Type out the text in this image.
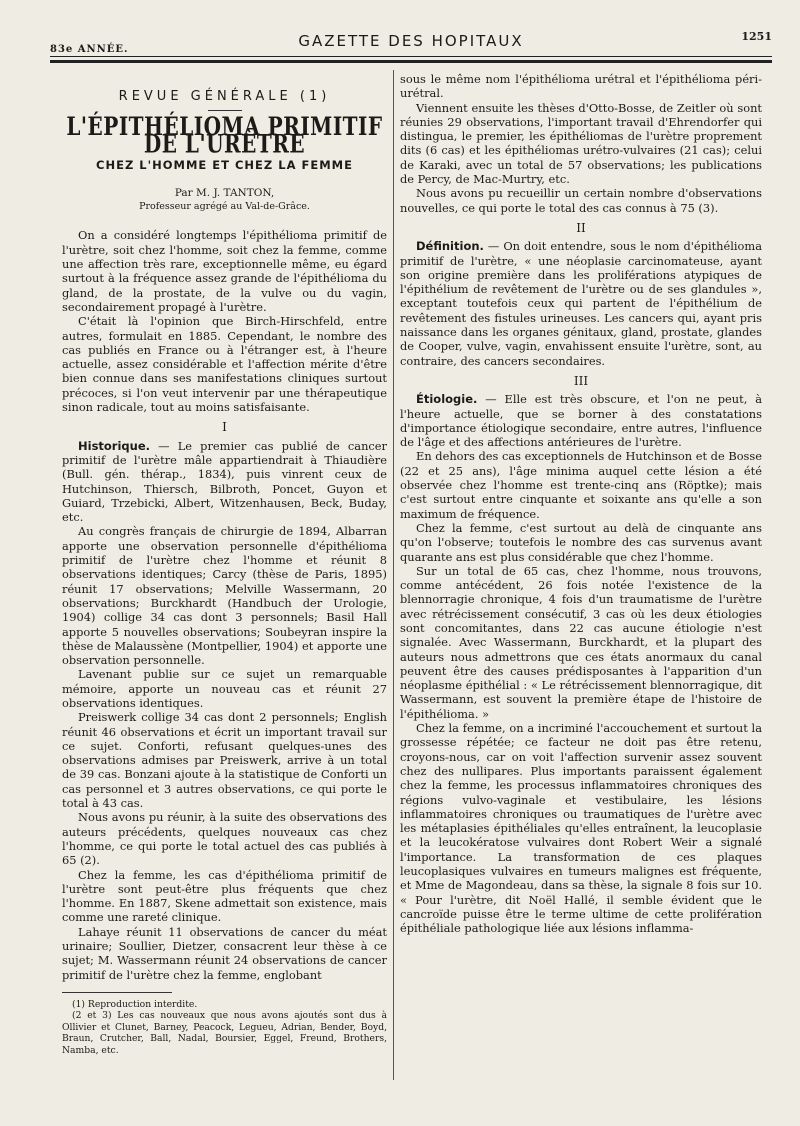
83e ANNÉE.	GAZETTE DES HOPITAUX	1251
REVUE GÉNÉRALE (1)
L'ÉPITHÉLIOMA PRIMITIF DE L'URÈTRE
CHEZ L'HOMME ET CHEZ LA FEMME
Par M. J. TANTON,
Professeur agrégé au Val-de-Grâce.

On a considéré longtemps l'épithélioma primitif de l'urètre, soit chez l'homme, soit chez la femme, comme une affection très rare, exceptionnelle même, eu égard surtout à la fréquence assez grande de l'épithélioma du gland, de la prostate, de la vulve ou du vagin, secondairement propagé à l'urètre.

C'était là l'opinion que Birch-Hirschfeld, entre autres, formulait en 1885. Cependant, le nombre des cas publiés en France ou à l'étranger est, à l'heure actuelle, assez considérable et l'affection mérite d'être bien connue dans ses manifestations cliniques surtout précoces, si l'on veut intervenir par une thérapeutique sinon radicale, tout au moins satisfaisante.

I

Historique. — Le premier cas publié de cancer primitif de l'urètre mâle appartiendrait à Thiaudière (Bull. gén. thérap., 1834), puis vinrent ceux de Hutchinson, Thiersch, Bilbroth, Poncet, Guyon et Guiard, Trzebicki, Albert, Witzenhausen, Beck, Buday, etc.

Au congrès français de chirurgie de 1894, Albarran apporte une observation personnelle d'épithélioma primitif de l'urètre chez l'homme et réunit 8 observations identiques; Carcy (thèse de Paris, 1895) réunit 17 observations; Melville Wassermann, 20 observations; Burckhardt (Handbuch der Urologie, 1904) collige 34 cas dont 3 personnels; Basil Hall apporte 5 nouvelles observations; Soubeyran inspire la thèse de Malaussène (Montpellier, 1904) et apporte une observation personnelle.

Lavenant publie sur ce sujet un remarquable mémoire, apporte un nouveau cas et réunit 27 observations identiques.

Preiswerk collige 34 cas dont 2 personnels; English réunit 46 observations et écrit un important travail sur ce sujet. Conforti, refusant quelques-unes des observations admises par Preiswerk, arrive à un total de 39 cas. Bonzani ajoute à la statistique de Conforti un cas personnel et 3 autres observations, ce qui porte le total à 43 cas.

Nous avons pu réunir, à la suite des observations des auteurs précédents, quelques nouveaux cas chez l'homme, ce qui porte le total actuel des cas publiés à 65 (2).

Chez la femme, les cas d'épithélioma primitif de l'urètre sont peut-être plus fréquents que chez l'homme. En 1887, Skene admettait son existence, mais comme une rareté clinique.

Lahaye réunit 11 observations de cancer du méat urinaire; Soullier, Dietzer, consacrent leur thèse à ce sujet; M. Wassermann réunit 24 observations de cancer primitif de l'urètre chez la femme, englobant

(1) Reproduction interdite.

(2 et 3) Les cas nouveaux que nous avons ajoutés sont dus à Ollivier et Clunet, Barney, Peacock, Legueu, Adrian, Bender, Boyd, Braun, Crutcher, Ball, Nadal, Boursier, Eggel, Freund, Brothers, Namba, etc.

sous le même nom l'épithélioma urétral et l'épithélioma péri-urétral.

Viennent ensuite les thèses d'Otto-Bosse, de Zeitler où sont réunies 29 observations, l'important travail d'Ehrendorfer qui distingua, le premier, les épithéliomas de l'urètre proprement dits (6 cas) et les épithéliomas urétro-vulvaires (21 cas); celui de Karaki, avec un total de 57 observations; les publications de Percy, de Mac-Murtry, etc.

Nous avons pu recueillir un certain nombre d'observations nouvelles, ce qui porte le total des cas connus à 75 (3).

II

Définition. — On doit entendre, sous le nom d'épithélioma primitif de l'urètre, « une néoplasie carcinomateuse, ayant son origine première dans les proliférations atypiques de l'épithélium de revêtement de l'urètre ou de ses glandules », exceptant toutefois ceux qui partent de l'épithélium de revêtement des fistules urineuses. Les cancers qui, ayant pris naissance dans les organes génitaux, gland, prostate, glandes de Cooper, vulve, vagin, envahissent ensuite l'urètre, sont, au contraire, des cancers secondaires.

III

Étiologie. — Elle est très obscure, et l'on ne peut, à l'heure actuelle, que se borner à des constatations d'importance étiologique secondaire, entre autres, l'influence de l'âge et des affections antérieures de l'urètre.

En dehors des cas exceptionnels de Hutchinson et de Bosse (22 et 25 ans), l'âge minima auquel cette lésion a été observée chez l'homme est trente-cinq ans (Röptke); mais c'est surtout entre cinquante et soixante ans qu'elle a son maximum de fréquence.

Chez la femme, c'est surtout au delà de cinquante ans qu'on l'observe; toutefois le nombre des cas survenus avant quarante ans est plus considérable que chez l'homme.

Sur un total de 65 cas, chez l'homme, nous trouvons, comme antécédent, 26 fois notée l'existence de la blennorragie chronique, 4 fois d'un traumatisme de l'urètre avec rétrécissement consécutif, 3 cas où les deux étiologies sont concomitantes, dans 22 cas aucune étiologie n'est signalée. Avec Wassermann, Burckhardt, et la plupart des auteurs nous admettrons que ces états anormaux du canal peuvent être des causes prédisposantes à l'apparition d'un néoplasme épithélial : « Le rétrécissement blennorragique, dit Wassermann, est souvent la première étape de l'histoire de l'épithélioma. »

Chez la femme, on a incriminé l'accouchement et surtout la grossesse répétée; ce facteur ne doit pas être retenu, croyons-nous, car on voit l'affection survenir assez souvent chez des nullipares. Plus importants paraissent également chez la femme, les processus inflammatoires chroniques des régions vulvo-vaginale et vestibulaire, les lésions inflammatoires chroniques ou traumatiques de l'urètre avec les métaplasies épithéliales qu'elles entraînent, la leucoplasie et la leucokératose vulvaires dont Robert Weir a signalé l'importance. La transformation de ces plaques leucoplasiques vulvaires en tumeurs malignes est fréquente, et Mme de Magondeau, dans sa thèse, la signale 8 fois sur 10. « Pour l'urètre, dit Noël Hallé, il semble évident que le cancroïde puisse être le terme ultime de cette prolifération épithéliale pathologique liée aux lésions inflamma-
